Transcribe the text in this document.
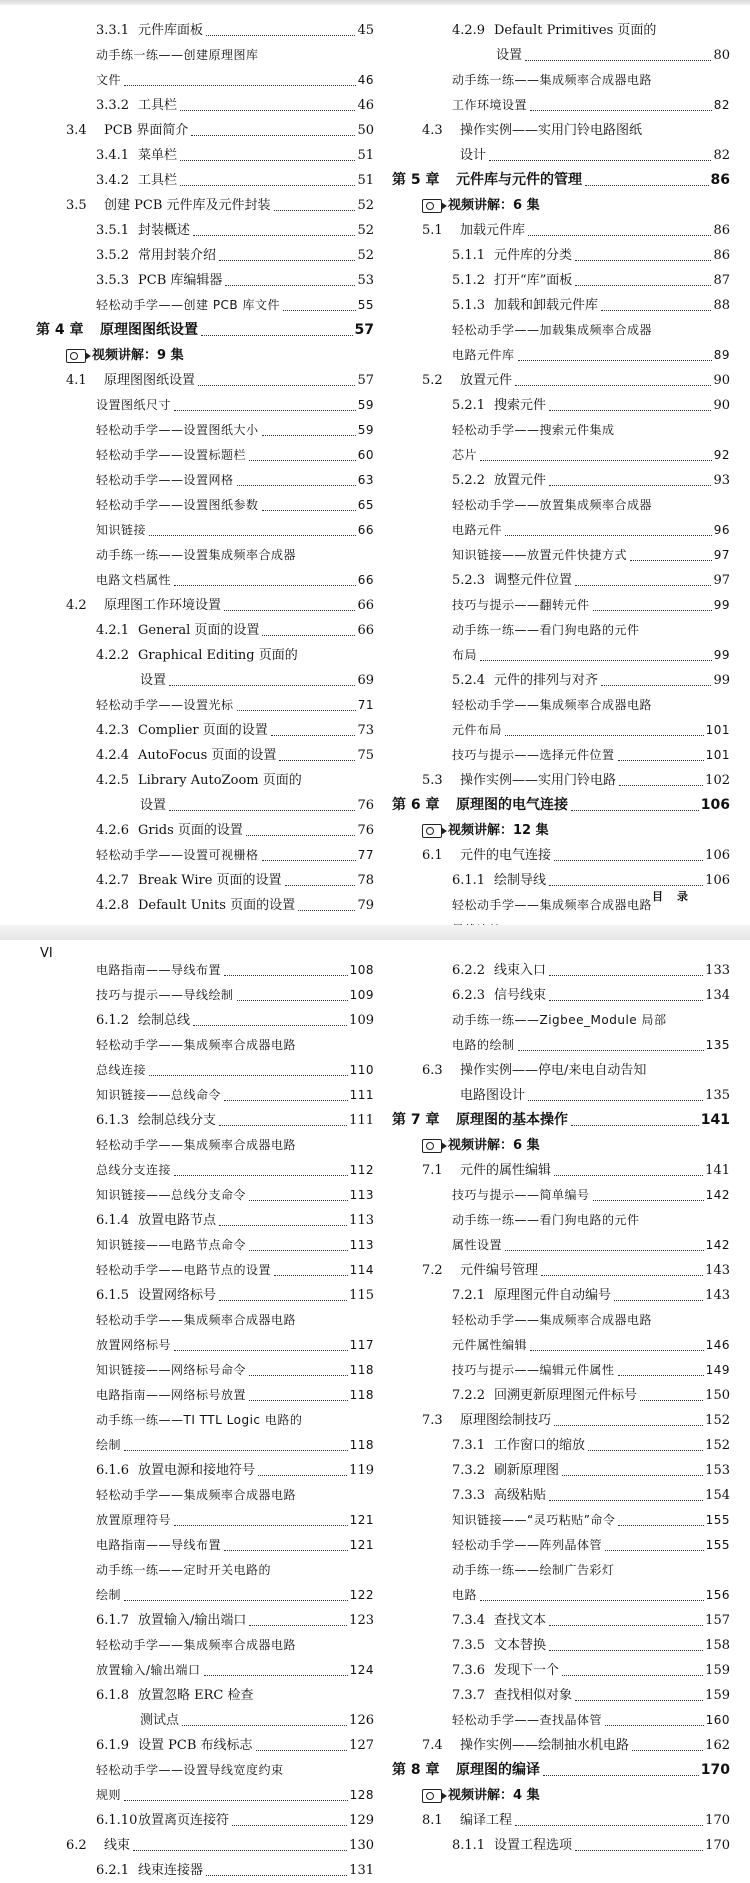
3.3.1 元件库面板	45
动手练一练——创建原理图库
文件	46
3.3.2 工具栏	46
3.4	PCB 界面简介	50
3.4.1 菜单栏	51
3.4.2 工具栏	51
3.5	创建 PCB 元件库及元件封装	52
3.5.1 封装概述	52
3.5.2 常用封装介绍	52
3.5.3 PCB 库编辑器	53
轻松动手学——创建 PCB 库文件	55
第 4 章	原理图图纸设置	57
视频讲解：9 集
4.1	原理图图纸设置	57
设置图纸尺寸	59
轻松动手学——设置图纸大小	59
轻松动手学——设置标题栏	60
轻松动手学——设置网格	63
轻松动手学——设置图纸参数	65
知识链接	66
动手练一练——设置集成频率合成器
电路文档属性	66
4.2	原理图工作环境设置	66
4.2.1 General 页面的设置	66
4.2.2 Graphical Editing 页面的
设置	69
轻松动手学——设置光标	71
4.2.3 Complier 页面的设置	73
4.2.4 AutoFocus 页面的设置	75
4.2.5 Library AutoZoom 页面的
设置	76
4.2.6 Grids 页面的设置	76
轻松动手学——设置可视栅格	77
4.2.7 Break Wire 页面的设置	78
4.2.8 Default Units 页面的设置	79
4.2.9 Default Primitives 页面的
设置	80
动手练一练——集成频率合成器电路
工作环境设置	82
4.3	操作实例——实用门铃电路图纸
设计	82
第 5 章	元件库与元件的管理	86
视频讲解：6 集
5.1	加载元件库	86
5.1.1 元件库的分类	86
5.1.2 打开“库”面板	87
5.1.3 加载和卸载元件库	88
轻松动手学——加载集成频率合成器
电路元件库	89
5.2	放置元件	90
5.2.1 搜索元件	90
轻松动手学——搜索元件集成
芯片	92
5.2.2 放置元件	93
轻松动手学——放置集成频率合成器
电路元件	96
知识链接——放置元件快捷方式	97
5.2.3 调整元件位置	97
技巧与提示——翻转元件	99
动手练一练——看门狗电路的元件
布局	99
5.2.4 元件的排列与对齐	99
轻松动手学——集成频率合成器电路
元件布局	101
技巧与提示——选择元件位置	101
5.3	操作实例——实用门铃电路	102
第 6 章	原理图的电气连接	106
视频讲解：12 集
6.1	元件的电气连接	106
6.1.1 绘制导线	106
轻松动手学——集成频率合成器电路
目录
VI
电路指南——导线布置	108
技巧与提示——导线绘制	109
6.1.2 绘制总线	109
轻松动手学——集成频率合成器电路
总线连接	110
知识链接——总线命令	111
6.1.3 绘制总线分支	111
轻松动手学——集成频率合成器电路
总线分支连接	112
知识链接——总线分支命令	113
6.1.4 放置电路节点	113
知识链接——电路节点命令	113
轻松动手学——电路节点的设置	114
6.1.5 设置网络标号	115
轻松动手学——集成频率合成器电路
放置网络标号	117
知识链接——网络标号命令	118
电路指南——网络标号放置	118
动手练一练——TI TTL Logic 电路的
绘制	118
6.1.6 放置电源和接地符号	119
轻松动手学——集成频率合成器电路
放置原理符号	121
电路指南——导线布置	121
动手练一练——定时开关电路的
绘制	122
6.1.7 放置输入/输出端口	123
轻松动手学——集成频率合成器电路
放置输入/输出端口	124
6.1.8 放置忽略 ERC 检查
测试点	126
6.1.9 设置 PCB 布线标志	127
轻松动手学——设置导线宽度约束
规则	128
6.1.10 放置离页连接符	129
6.2	线束	130
6.2.1 线束连接器	131
6.2.2 线束入口	133
6.2.3 信号线束	134
动手练一练——Zigbee_Module 局部
电路的绘制	135
6.3	操作实例——停电/来电自动告知
电路图设计	135
第 7 章	原理图的基本操作	141
视频讲解：6 集
7.1	元件的属性编辑	141
技巧与提示——简单编号	142
动手练一练——看门狗电路的元件
属性设置	142
7.2	元件编号管理	143
7.2.1 原理图元件自动编号	143
轻松动手学——集成频率合成器电路
元件属性编辑	146
技巧与提示——编辑元件属性	149
7.2.2 回溯更新原理图元件标号	150
7.3	原理图绘制技巧	152
7.3.1 工作窗口的缩放	152
7.3.2 刷新原理图	153
7.3.3 高级粘贴	154
知识链接——“灵巧粘贴”命令	155
轻松动手学——阵列晶体管	155
动手练一练——绘制广告彩灯
电路	156
7.3.4 查找文本	157
7.3.5 文本替换	158
7.3.6 发现下一个	159
7.3.7 查找相似对象	159
轻松动手学——查找晶体管	160
7.4	操作实例——绘制抽水机电路	162
第 8 章	原理图的编译	170
视频讲解：4 集
8.1	编译工程	170
8.1.1 设置工程选项	170
